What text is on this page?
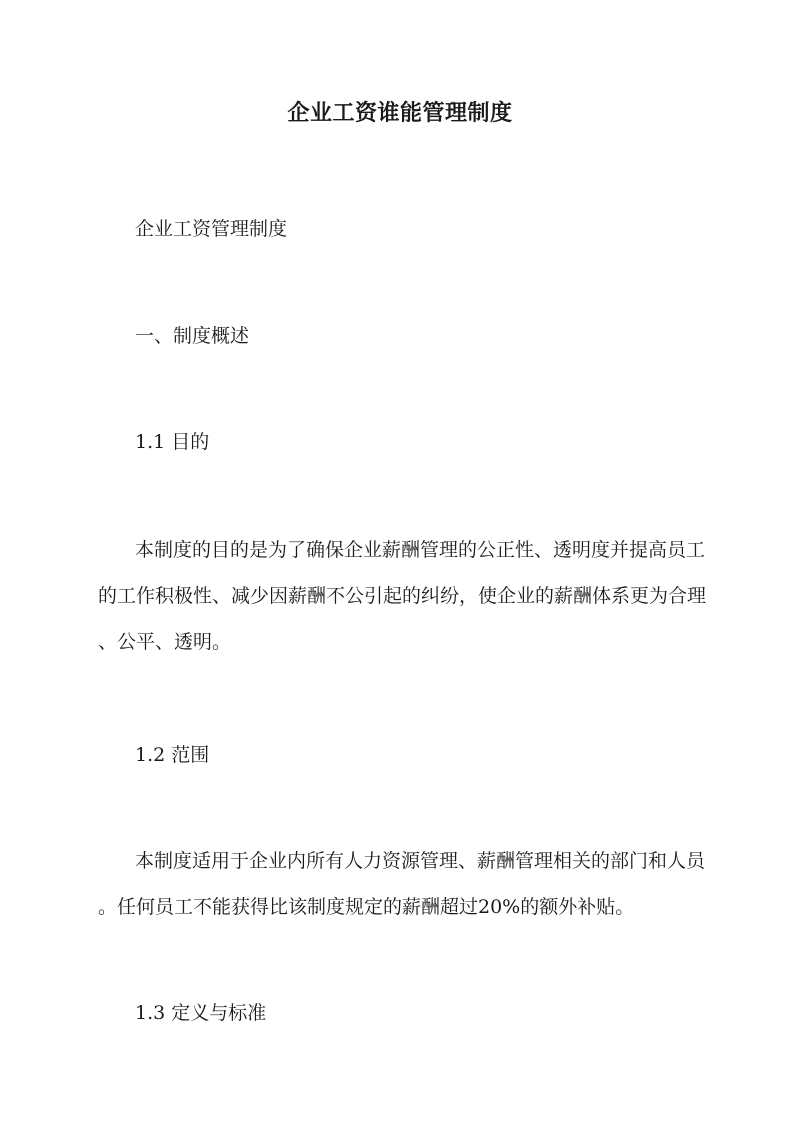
企业工资谁能管理制度
企业工资管理制度
一、制度概述
1.1 目的
本制度的目的是为了确保企业薪酬管理的公正性、透明度并提高员工
的工作积极性、减少因薪酬不公引起的纠纷，使企业的薪酬体系更为合理
、公平、透明。
1.2 范围
本制度适用于企业内所有人力资源管理、薪酬管理相关的部门和人员
。任何员工不能获得比该制度规定的薪酬超过20%的额外补贴。
1.3 定义与标准
